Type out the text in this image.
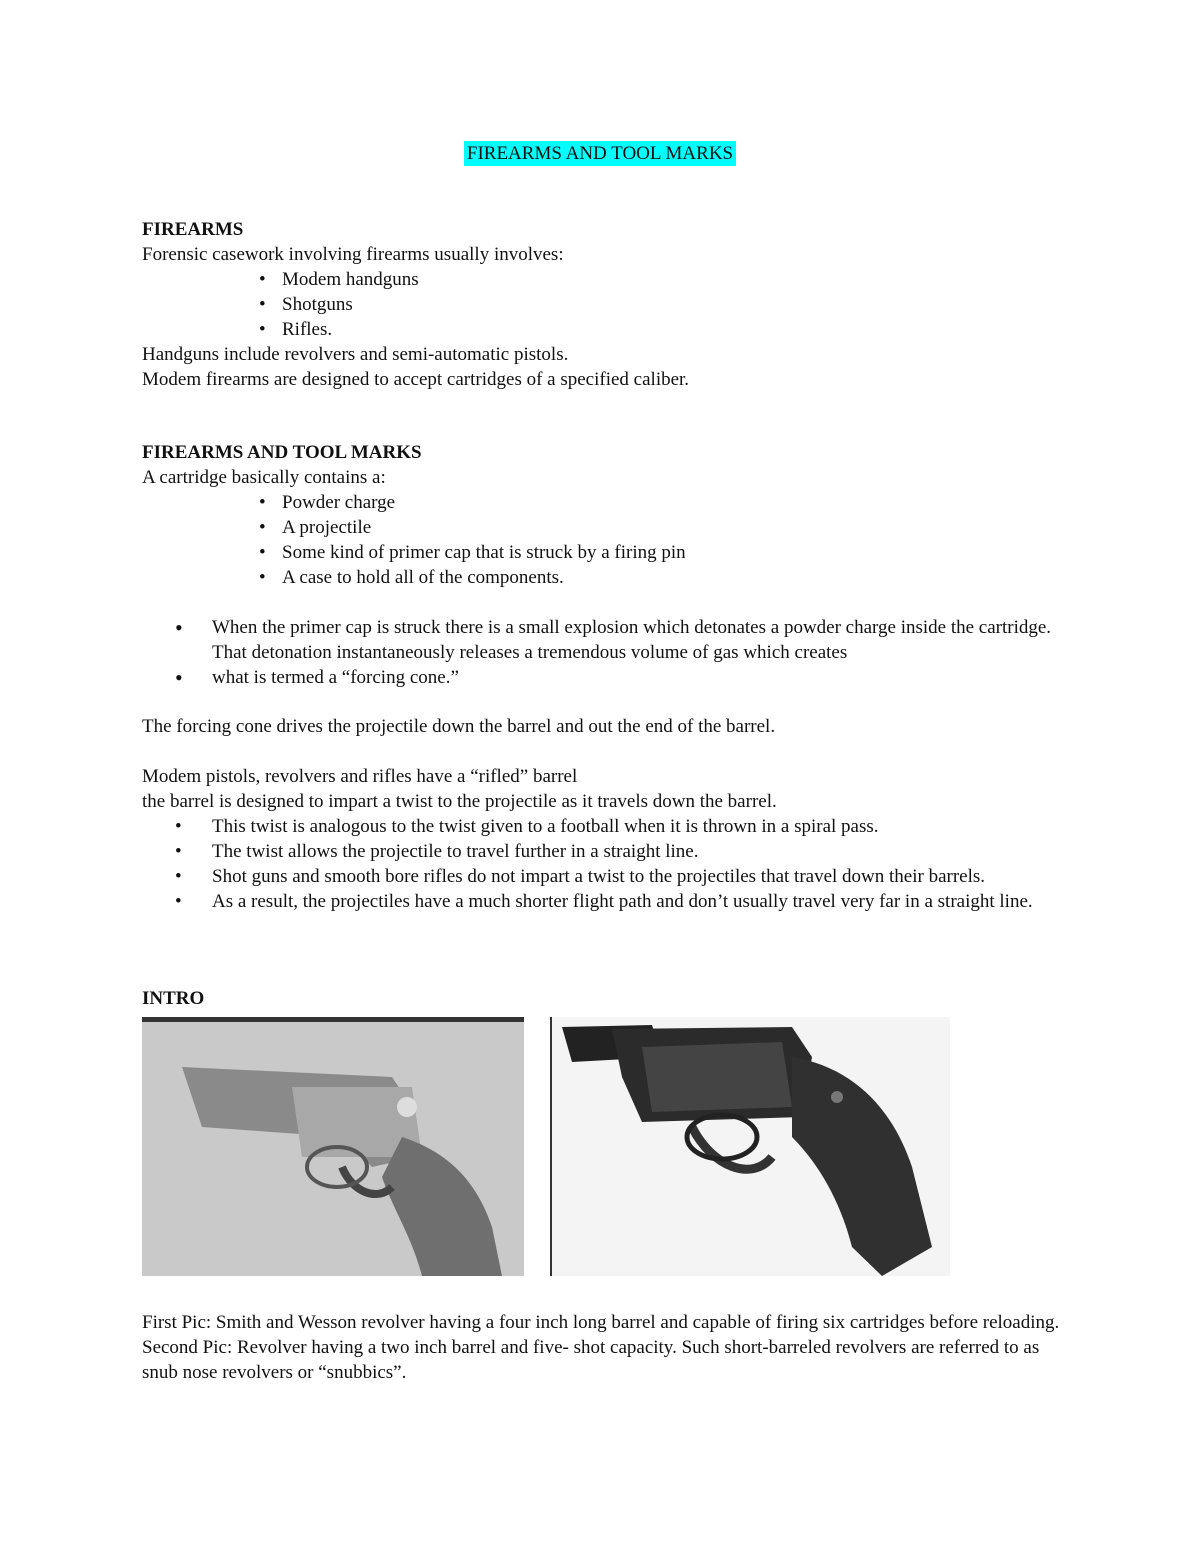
FIREARMS AND TOOL MARKS
FIREARMS
Forensic casework involving firearms usually involves:
• Modem handguns
• Shotguns
• Rifles.
Handguns include revolvers and semi-automatic pistols.
Modem firearms are designed to accept cartridges of a specified caliber.
FIREARMS AND TOOL MARKS
A cartridge basically contains a:
• Powder charge
• A projectile
• Some kind of primer cap that is struck by a firing pin
• A case to hold all of the components.
• When the primer cap is struck there is a small explosion which detonates a powder charge inside the cartridge. That detonation instantaneously releases a tremendous volume of gas which creates
• what is termed a “forcing cone.”
The forcing cone drives the projectile down the barrel and out the end of the barrel.
Modem pistols, revolvers and rifles have a “rifled” barrel
the barrel is designed to impart a twist to the projectile as it travels down the barrel.
• This twist is analogous to the twist given to a football when it is thrown in a spiral pass.
• The twist allows the projectile to travel further in a straight line.
• Shot guns and smooth bore rifles do not impart a twist to the projectiles that travel down their barrels.
• As a result, the projectiles have a much shorter flight path and don’t usually travel very far in a straight line.
INTRO
First Pic: Smith and Wesson revolver having a four inch long barrel and capable of firing six cartridges before reloading. Second Pic: Revolver having a two inch barrel and five- shot capacity. Such short-barreled revolvers are referred to as snub nose revolvers or “snubbics”.
